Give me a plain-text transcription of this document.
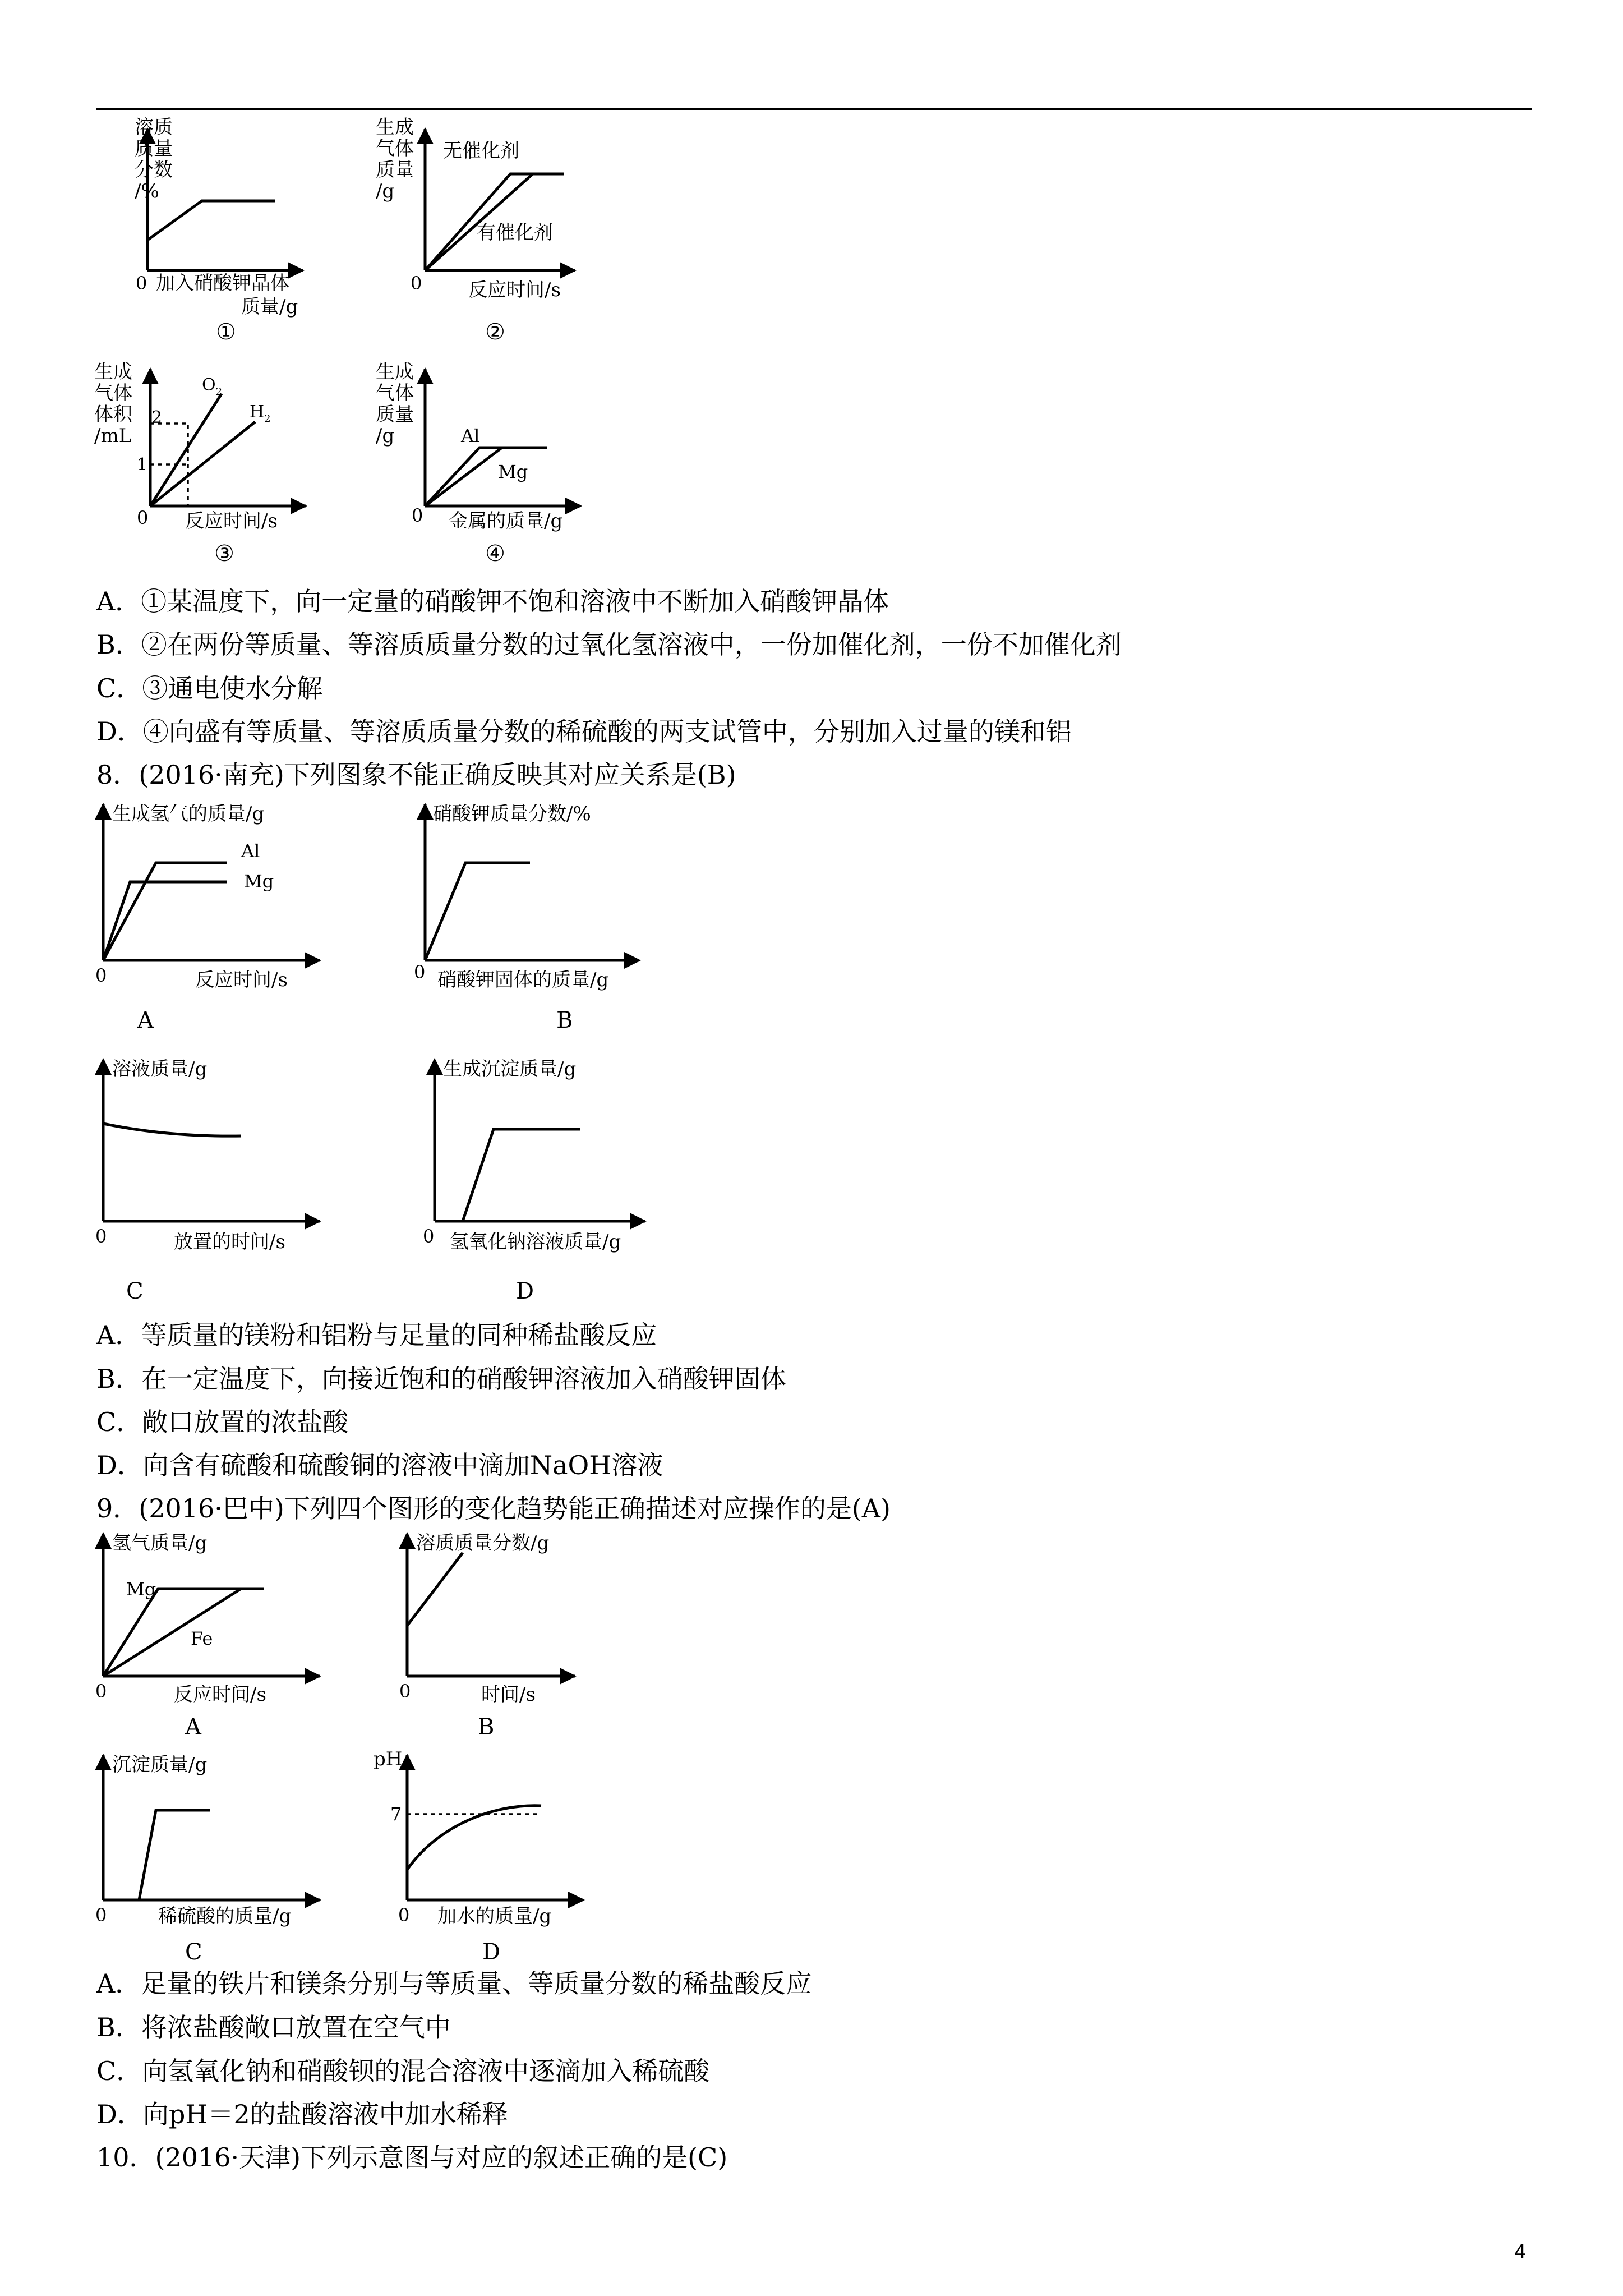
溶质
质量
分数
/%
0 加入硝酸钾晶体
质量/g
①
生成
气体
质量
/g
无催化剂
有催化剂
0 反应时间/s
②
生成
气体
体积
/mL
2
1
$O_2$
$H_2$
0 反应时间/s
③
生成
气体
质量
/g	Al
Mg
0 金属的质量/g
④
A．①某温度下，向一定量的硝酸钾不饱和溶液中不断加入硝酸钾晶体
B．②在两份等质量、等溶质质量分数的过氧化氢溶液中，一份加催化剂，一份不加催化剂
C．③通电使水分解
D．④向盛有等质量、等溶质质量分数的稀硫酸的两支试管中，分别加入过量的镁和铝
8．(2016·南充)下列图象不能正确反映其对应关系是(B)
生成氢气的质量/g
Al
Mg
0	反应时间/s
A
硝酸钾质量分数/%
0 硝酸钾固体的质量/g
B
溶液质量/g
0	放置的时间/s
C
生成沉淀质量/g
0 氢氧化钠溶液质量/g
D
A．等质量的镁粉和铝粉与足量的同种稀盐酸反应
B．在一定温度下，向接近饱和的硝酸钾溶液加入硝酸钾固体
C．敞口放置的浓盐酸
D．向含有硫酸和硫酸铜的溶液中滴加NaOH溶液
9．(2016·巴中)下列四个图形的变化趋势能正确描述对应操作的是(A)
氢气质量/g
Mg
Fe
0	反应时间/s
A
溶质质量分数/g
0	时间/s
B
沉淀质量/g
0	稀硫酸的质量/g
C
pH
7
0 加水的质量/g
D
A．足量的铁片和镁条分别与等质量、等质量分数的稀盐酸反应
B．将浓盐酸敞口放置在空气中
C．向氢氧化钠和硝酸钡的混合溶液中逐滴加入稀硫酸
D．向pH＝2的盐酸溶液中加水稀释
10．(2016·天津)下列示意图与对应的叙述正确的是(C)
4
